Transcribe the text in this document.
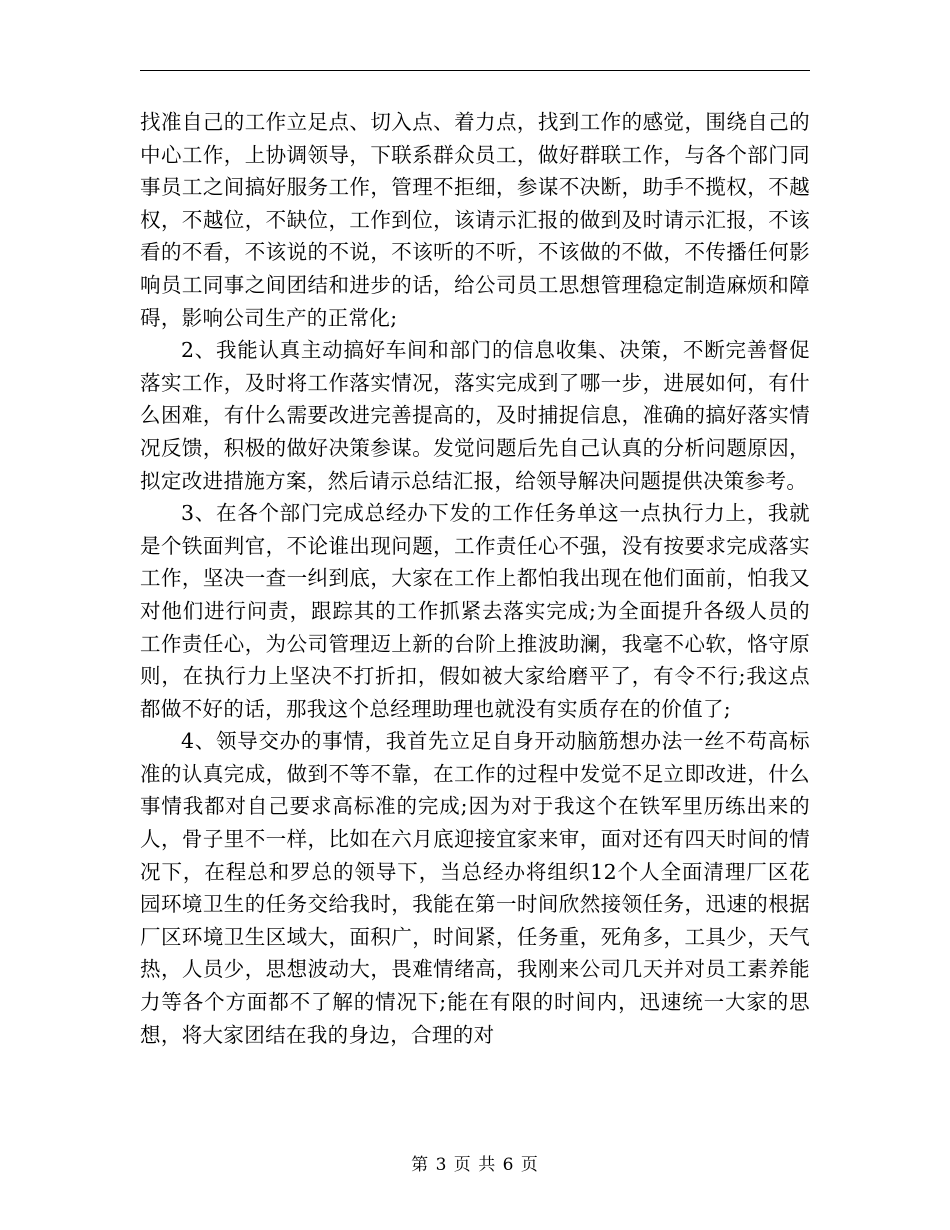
找准自己的工作立足点、切入点、着力点，找到工作的感觉，围绕自己的中心工作，上协调领导，下联系群众员工，做好群联工作，与各个部门同事员工之间搞好服务工作，管理不拒细，参谋不决断，助手不揽权，不越权，不越位，不缺位，工作到位，该请示汇报的做到及时请示汇报，不该看的不看，不该说的不说，不该听的不听，不该做的不做，不传播任何影响员工同事之间团结和进步的话，给公司员工思想管理稳定制造麻烦和障碍，影响公司生产的正常化;

2、我能认真主动搞好车间和部门的信息收集、决策，不断完善督促落实工作，及时将工作落实情况，落实完成到了哪一步，进展如何，有什么困难，有什么需要改进完善提高的，及时捕捉信息，准确的搞好落实情况反馈，积极的做好决策参谋。发觉问题后先自己认真的分析问题原因，拟定改进措施方案，然后请示总结汇报，给领导解决问题提供决策参考。

3、在各个部门完成总经办下发的工作任务单这一点执行力上，我就是个铁面判官，不论谁出现问题，工作责任心不强，没有按要求完成落实工作，坚决一查一纠到底，大家在工作上都怕我出现在他们面前，怕我又对他们进行问责，跟踪其的工作抓紧去落实完成;为全面提升各级人员的工作责任心，为公司管理迈上新的台阶上推波助澜，我毫不心软，恪守原则，在执行力上坚决不打折扣，假如被大家给磨平了，有令不行;我这点都做不好的话，那我这个总经理助理也就没有实质存在的价值了;

4、领导交办的事情，我首先立足自身开动脑筋想办法一丝不苟高标准的认真完成，做到不等不靠，在工作的过程中发觉不足立即改进，什么事情我都对自己要求高标准的完成;因为对于我这个在铁军里历练出来的人，骨子里不一样，比如在六月底迎接宜家来审，面对还有四天时间的情况下，在程总和罗总的领导下，当总经办将组织12个人全面清理厂区花园环境卫生的任务交给我时，我能在第一时间欣然接领任务，迅速的根据厂区环境卫生区域大，面积广，时间紧，任务重，死角多，工具少，天气热，人员少，思想波动大，畏难情绪高，我刚来公司几天并对员工素养能力等各个方面都不了解的情况下;能在有限的时间内，迅速统一大家的思想，将大家团结在我的身边，合理的对

第 3 页 共 6 页
